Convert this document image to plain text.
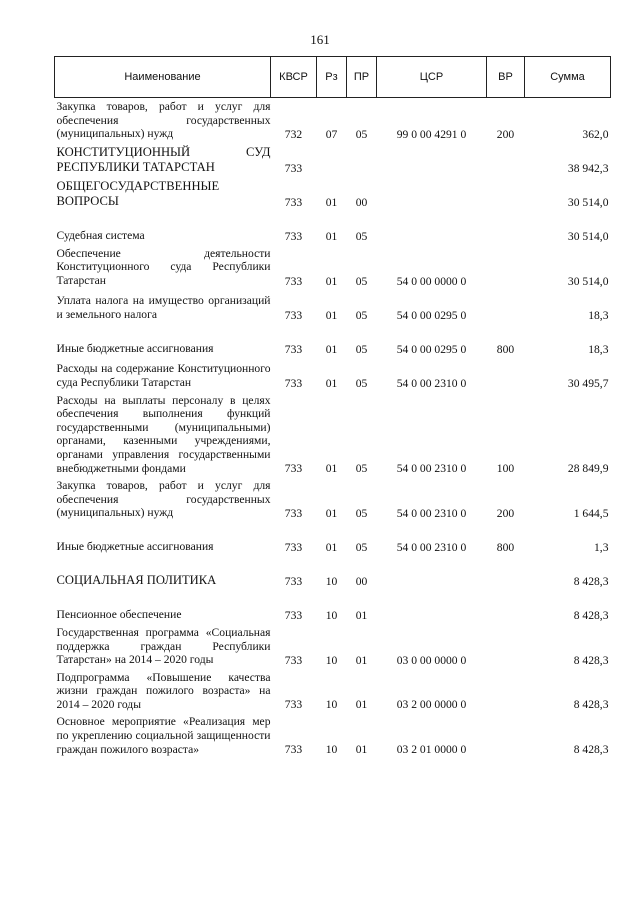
161
Наименование	КВСР	Рз	ПР	ЦСР	ВР	Сумма
Закупка товаров, работ и услуг для обеспечения государственных (муниципальных) нужд	732	07	05	99 0 00 4291 0	200	362,0
КОНСТИТУЦИОННЫЙ СУД РЕСПУБЛИКИ ТАТАРСТАН	733					38 942,3
ОБЩЕГОСУДАРСТВЕННЫЕ ВОПРОСЫ	733	01	00			30 514,0
Судебная система	733	01	05			30 514,0
Обеспечение деятельности Конституционного суда Республики Татарстан	733	01	05	54 0 00 0000 0		30 514,0
Уплата налога на имущество организаций и земельного налога	733	01	05	54 0 00 0295 0		18,3
Иные бюджетные ассигнования	733	01	05	54 0 00 0295 0	800	18,3
Расходы на содержание Конституционного суда Республики Татарстан	733	01	05	54 0 00 2310 0		30 495,7
Расходы на выплаты персоналу в целях обеспечения выполнения функций государственными (муниципальными) органами, казенными учреждениями, органами управления государственными внебюджетными фондами	733	01	05	54 0 00 2310 0	100	28 849,9
Закупка товаров, работ и услуг для обеспечения государственных (муниципальных) нужд	733	01	05	54 0 00 2310 0	200	1 644,5
Иные бюджетные ассигнования	733	01	05	54 0 00 2310 0	800	1,3
СОЦИАЛЬНАЯ ПОЛИТИКА	733	10	00			8 428,3
Пенсионное обеспечение	733	10	01			8 428,3
Государственная программа «Социальная поддержка граждан Республики Татарстан» на 2014 – 2020 годы	733	10	01	03 0 00 0000 0		8 428,3
Подпрограмма «Повышение качества жизни граждан пожилого возраста» на 2014 – 2020 годы	733	10	01	03 2 00 0000 0		8 428,3
Основное мероприятие «Реализация мер по укреплению социальной защищенности граждан пожилого возраста»	733	10	01	03 2 01 0000 0		8 428,3
